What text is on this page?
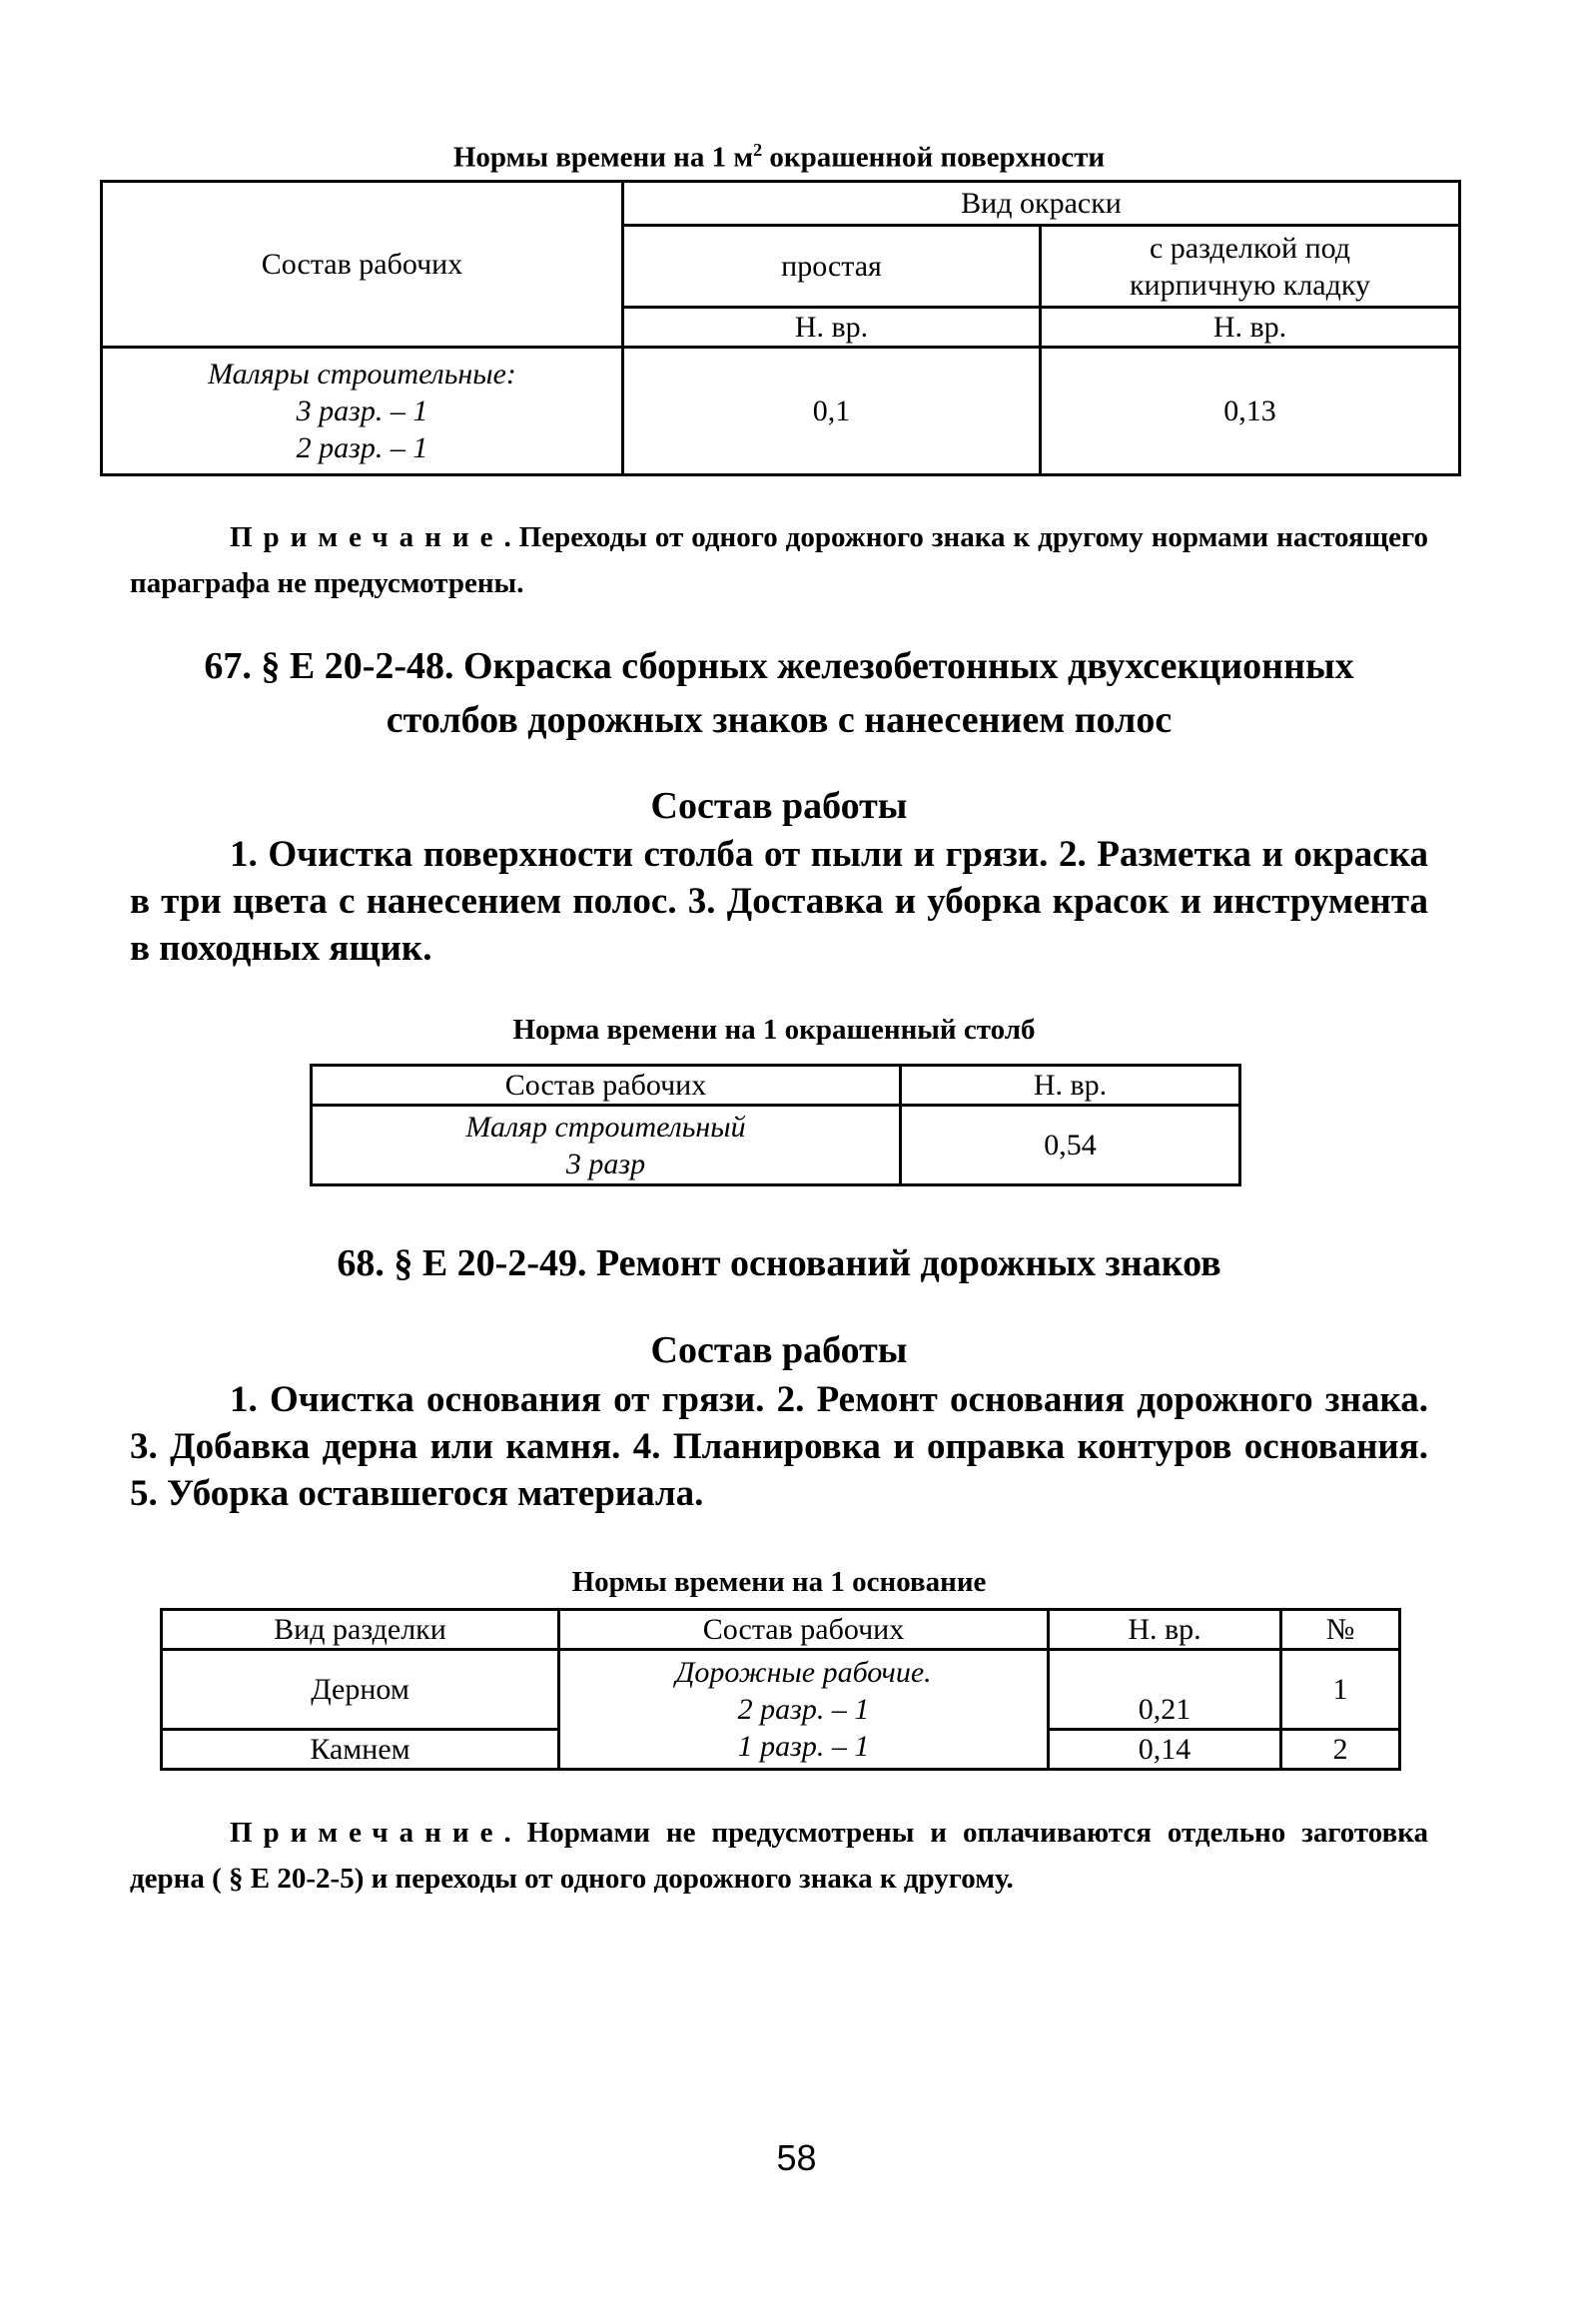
Нормы времени на 1 $м^2$ окрашенной поверхности
Состав рабочих	Вид окраски	
	простая	с разделкой под
кирпичную кладку

	Н. вр.	Н. вр.

Маляры строительные:
3 разр. – 1
2 разр. – 1	0,1	0,13
Примечание. Переходы от одного дорожного знака к другому нормами настоящего параграфа не предусмотрены.
67. § Е 20-2-48. Окраска сборных железобетонных двухсекционных
столбов дорожных знаков с нанесением полос
Состав работы
1. Очистка поверхности столба от пыли и грязи. 2. Разметка и окраска в три цвета с нанесением полос. 3. Доставка и уборка красок и инструмента в походных ящик.
Норма времени на 1 окрашенный столб
Состав рабочих	Н. вр.

Маляр строительный
3 разр	0,54
68. § Е 20-2-49. Ремонт оснований дорожных знаков
Состав работы
1. Очистка основания от грязи. 2. Ремонт основания дорожного знака. 3. Добавка дерна или камня. 4. Планировка и оправка контуров основания. 5. Уборка оставшегося материала.
Нормы времени на 1 основание
Вид разделки	Состав рабочих	Н. вр.	№
Дерном	Дорожные рабочие.
2 разр. – 1
1 разр. – 1	0,21	1
Камнем		0,14	2
Примечание. Нормами не предусмотрены и оплачиваются отдельно заготовка дерна ( § Е 20-2-5) и переходы от одного дорожного знака к другому.
58
